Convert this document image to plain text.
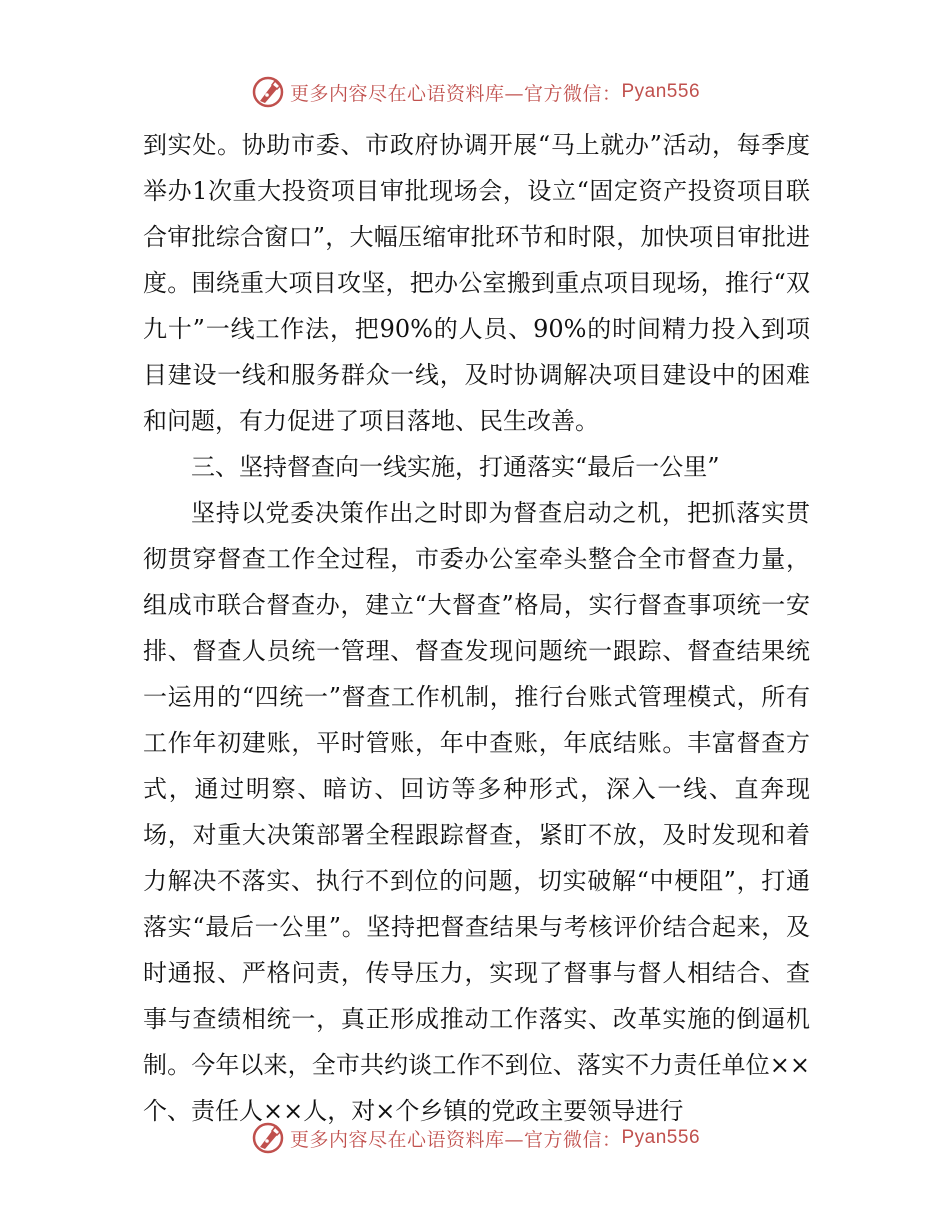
更多内容尽在心语资料库—官方微信： Pyan556

到实处。协助市委、市政府协调开展“马上就办”活动，每季度举办1次重大投资项目审批现场会，设立“固定资产投资项目联合审批综合窗口”，大幅压缩审批环节和时限，加快项目审批进度。围绕重大项目攻坚，把办公室搬到重点项目现场，推行“双九十”一线工作法，把90%的人员、90%的时间精力投入到项目建设一线和服务群众一线，及时协调解决项目建设中的困难和问题，有力促进了项目落地、民生改善。

三、坚持督查向一线实施，打通落实“最后一公里”

坚持以党委决策作出之时即为督查启动之机，把抓落实贯彻贯穿督查工作全过程，市委办公室牵头整合全市督查力量，组成市联合督查办，建立“大督查”格局，实行督查事项统一安排、督查人员统一管理、督查发现问题统一跟踪、督查结果统一运用的“四统一”督查工作机制，推行台账式管理模式，所有工作年初建账，平时管账，年中查账，年底结账。丰富督查方式，通过明察、暗访、回访等多种形式，深入一线、直奔现场，对重大决策部署全程跟踪督查，紧盯不放，及时发现和着力解决不落实、执行不到位的问题，切实破解“中梗阻”，打通落实“最后一公里”。坚持把督查结果与考核评价结合起来，及时通报、严格问责，传导压力，实现了督事与督人相结合、查事与查绩相统一，真正形成推动工作落实、改革实施的倒逼机制。今年以来，全市共约谈工作不到位、落实不力责任单位××个、责任人××人，对×个乡镇的党政主要领导进行

更多内容尽在心语资料库—官方微信： Pyan556
